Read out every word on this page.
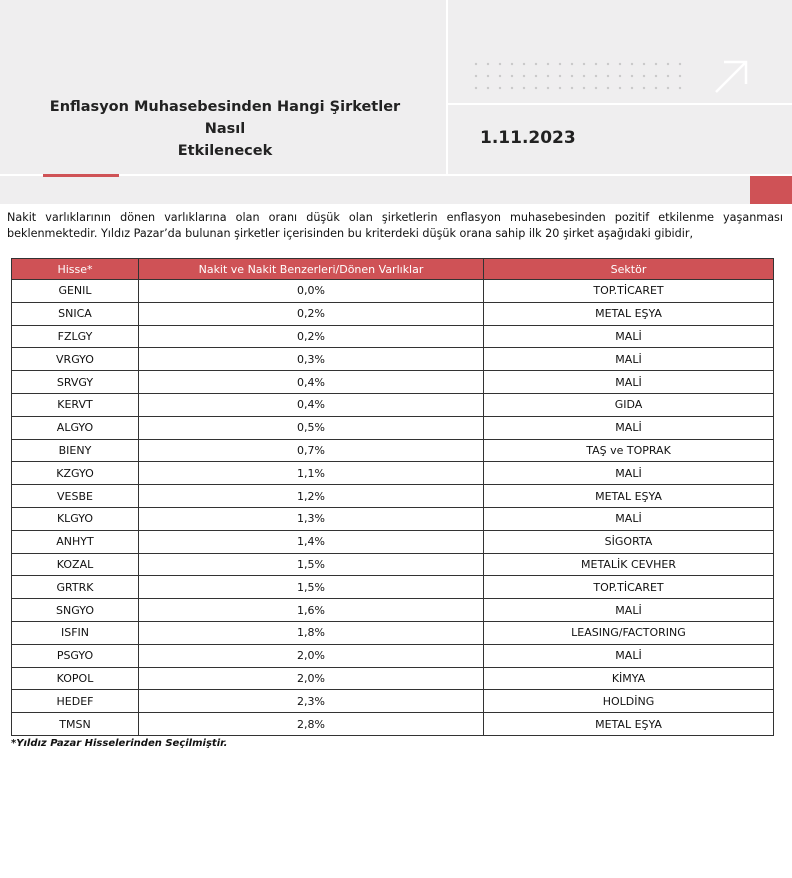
Enflasyon Muhasebesinden Hangi Şirketler Nasıl
Etkilenecek
1.11.2023
Nakit varlıklarının dönen varlıklarına olan oranı düşük olan şirketlerin enflasyon muhasebesinden pozitif etkilenme yaşanması beklenmektedir. Yıldız Pazar’da bulunan şirketler içerisinden bu kriterdeki düşük orana sahip ilk 20 şirket aşağıdaki gibidir,
Hisse*	Nakit ve Nakit Benzerleri/Dönen Varlıklar	Sektör
GENIL	0,0%	TOP.TİCARET
SNICA	0,2%	METAL EŞYA
FZLGY	0,2%	MALİ
VRGYO	0,3%	MALİ
SRVGY	0,4%	MALİ
KERVT	0,4%	GIDA
ALGYO	0,5%	MALİ
BIENY	0,7%	TAŞ ve TOPRAK
KZGYO	1,1%	MALİ
VESBE	1,2%	METAL EŞYA
KLGYO	1,3%	MALİ
ANHYT	1,4%	SİGORTA
KOZAL	1,5%	METALİK CEVHER
GRTRK	1,5%	TOP.TİCARET
SNGYO	1,6%	MALİ
ISFIN	1,8%	LEASING/FACTORING
PSGYO	2,0%	MALİ
KOPOL	2,0%	KİMYA
HEDEF	2,3%	HOLDİNG
TMSN	2,8%	METAL EŞYA
*Yıldız Pazar Hisselerinden Seçilmiştir.
